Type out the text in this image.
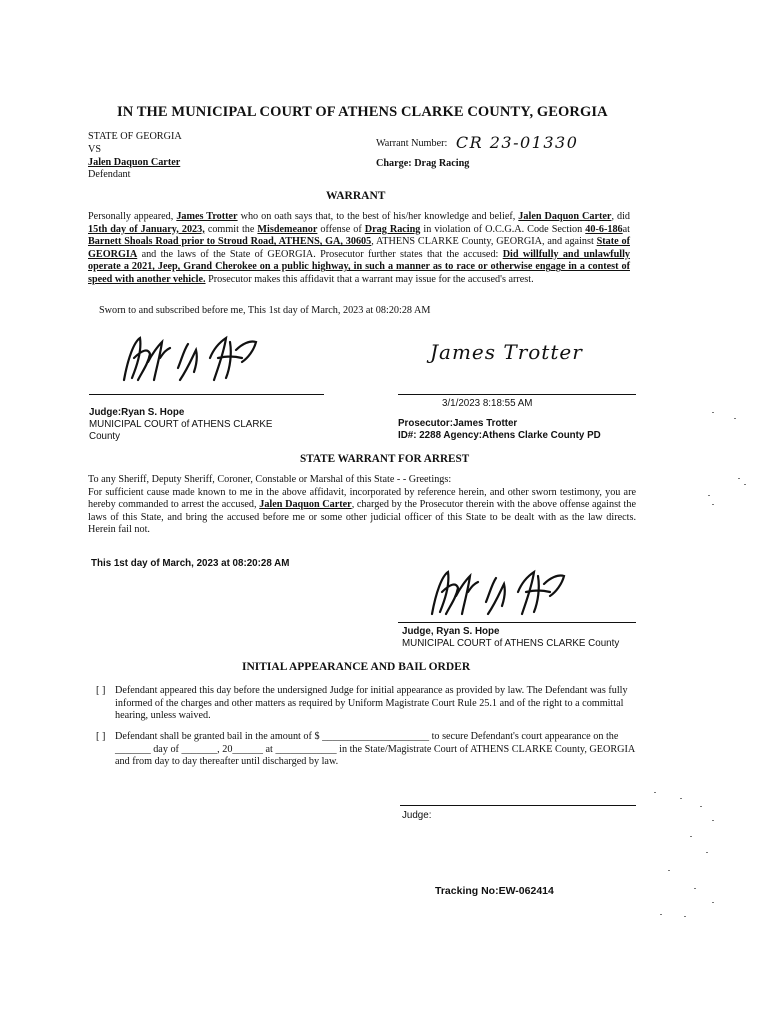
IN THE MUNICIPAL COURT OF ATHENS CLARKE COUNTY, GEORGIA
STATE OF GEORGIA
VS
Jalen Daquon Carter
Defendant
Warrant Number: CR 23-01330
Charge: Drag Racing
WARRANT
Personally appeared, James Trotter who on oath says that, to the best of his/her knowledge and belief, Jalen Daquon Carter, did 15th day of January, 2023, commit the Misdemeanor offense of Drag Racing in violation of O.C.G.A. Code Section 40-6-186at Barnett Shoals Road prior to Stroud Road, ATHENS, GA, 30605, ATHENS CLARKE County, GEORGIA, and against State of GEORGIA and the laws of the State of GEORGIA. Prosecutor further states that the accused: Did willfully and unlawfully operate a 2021, Jeep, Grand Cherokee on a public highway, in such a manner as to race or otherwise engage in a contest of speed with another vehicle. Prosecutor makes this affidavit that a warrant may issue for the accused's arrest.
Sworn to and subscribed before me, This 1st day of March, 2023 at 08:20:28 AM
James Trotter
Judge:Ryan S. Hope
MUNICIPAL COURT of ATHENS CLARKE
County
3/1/2023 8:18:55 AM
Prosecutor:James Trotter
ID#: 2288 Agency:Athens Clarke County PD
STATE WARRANT FOR ARREST
To any Sheriff, Deputy Sheriff, Coroner, Constable or Marshal of this State - - Greetings:
For sufficient cause made known to me in the above affidavit, incorporated by reference herein, and other sworn testimony, you are hereby commanded to arrest the accused, Jalen Daquon Carter, charged by the Prosecutor therein with the above offense against the laws of this State, and bring the accused before me or some other judicial officer of this State to be dealt with as the law directs. Herein fail not.
This 1st day of March, 2023 at 08:20:28 AM
Judge, Ryan S. Hope
MUNICIPAL COURT of ATHENS CLARKE County
INITIAL APPEARANCE AND BAIL ORDER
[ ] Defendant appeared this day before the undersigned Judge for initial appearance as provided by law. The Defendant was fully informed of the charges and other matters as required by Uniform Magistrate Court Rule 25.1 and of the right to a committal hearing, unless waived.
[ ] Defendant shall be granted bail in the amount of $ _____________________ to secure Defendant's court appearance on the _______ day of _______, 20______ at ____________ in the State/Magistrate Court of ATHENS CLARKE County, GEORGIA and from day to day thereafter until discharged by law.
Judge:
Tracking No:EW-062414
